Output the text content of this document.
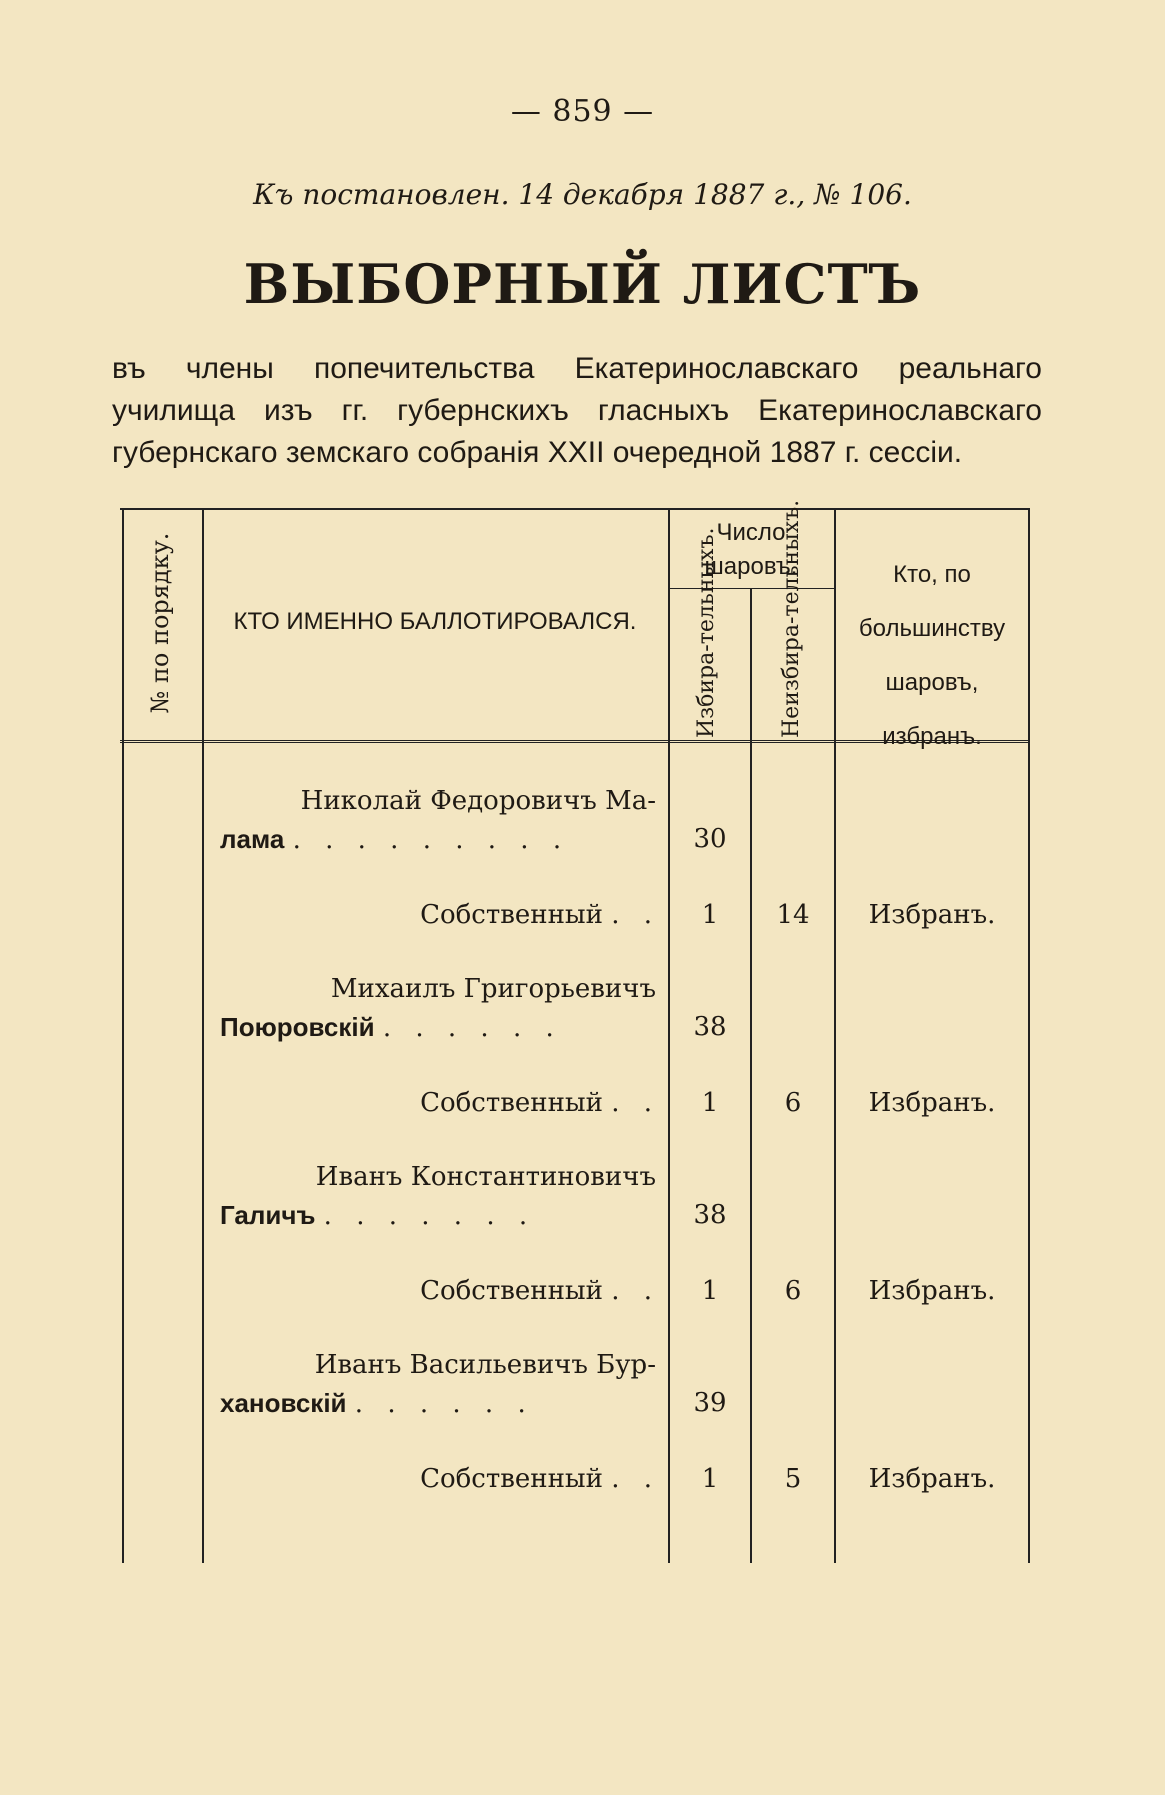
— 859 —
Къ постановлен. 14 декабря 1887 г., № 106.
ВЫБОРНЫЙ ЛИСТЪ
въ члены попечительства Екатеринославскаго реальнаго училища изъ гг. губернскихъ гласныхъ Екатеринославскаго губернскаго земскаго собранія XXII очередной 1887 г. сессіи.
№ по порядку.	КТО ИМЕННО БАЛЛОТИРОВАЛСЯ.
Число шаровъ.
Избира-тельныхъ.	Неизбира-тельныхъ.	Кто, по большинству шаровъ, избранъ.
Николай Федоровичъ Ма-
лама . . . . . . . . .	30
Собственный . .	1	14	Избранъ.
Михаилъ Григорьевичъ
Поюровскій . . . . . .	38
Собственный . .	1	6	Избранъ.
Иванъ Константиновичъ
Галичъ . . . . . . .	38
Собственный . .	1	6	Избранъ.
Иванъ Васильевичъ Бур-
хановскій . . . . . .	39
Собственный . .	1	5	Избранъ.
